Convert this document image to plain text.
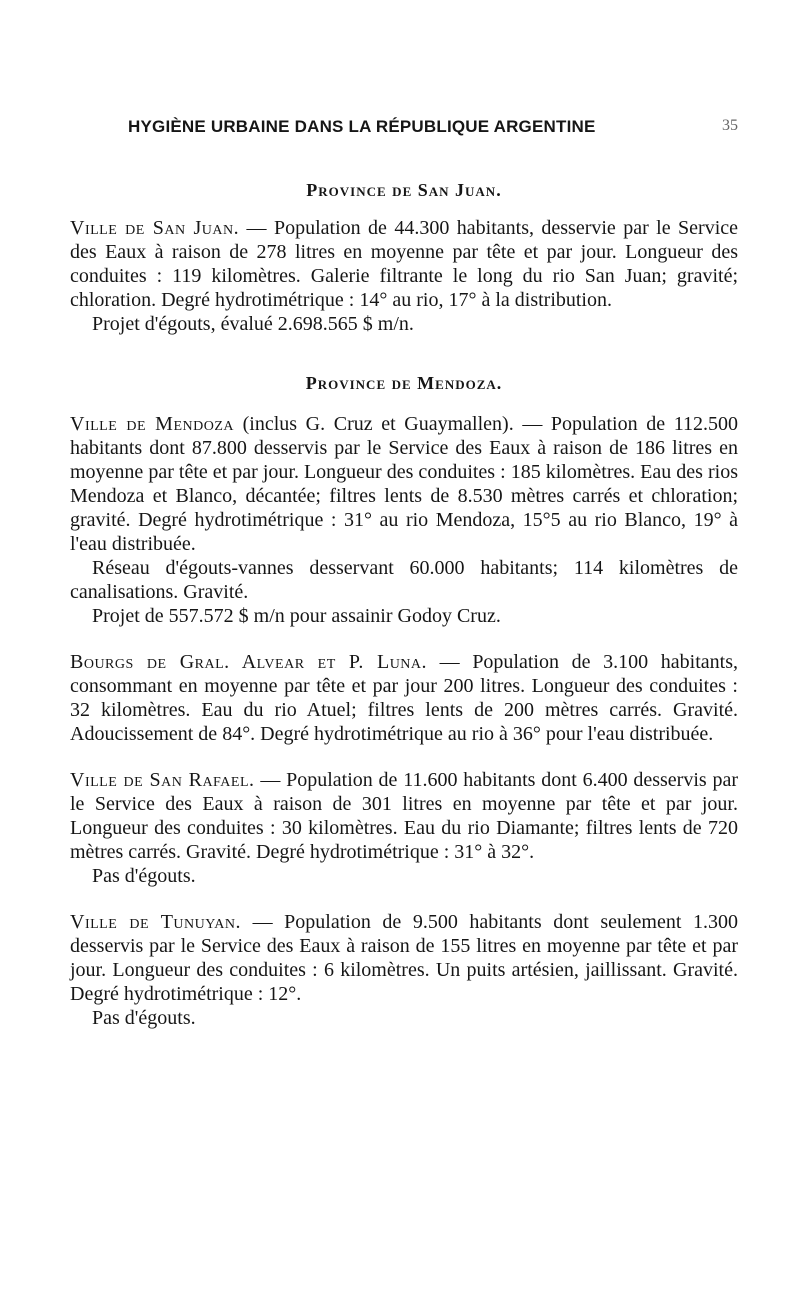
HYGIÈNE URBAINE DANS LA RÉPUBLIQUE ARGENTINE	35
Province de San Juan.

Ville de San Juan. — Population de 44.300 habitants, desservie par le Service des Eaux à raison de 278 litres en moyenne par tête et par jour. Longueur des conduites : 119 kilomètres. Galerie filtrante le long du rio San Juan; gravité; chloration. Degré hydrotimétrique : 14° au rio, 17° à la distribution.

Projet d'égouts, évalué 2.698.565 $ m/n.

Province de Mendoza.

Ville de Mendoza (inclus G. Cruz et Guaymallen). — Population de 112.500 habitants dont 87.800 desservis par le Service des Eaux à raison de 186 litres en moyenne par tête et par jour. Longueur des conduites : 185 kilomètres. Eau des rios Mendoza et Blanco, décantée; filtres lents de 8.530 mètres carrés et chloration; gravité. Degré hydrotimétrique : 31° au rio Mendoza, 15°5 au rio Blanco, 19° à l'eau distribuée.

Réseau d'égouts-vannes desservant 60.000 habitants; 114 kilomètres de canalisations. Gravité.

Projet de 557.572 $ m/n pour assainir Godoy Cruz.

Bourgs de Gral. Alvear et P. Luna. — Population de 3.100 habitants, consommant en moyenne par tête et par jour 200 litres. Longueur des conduites : 32 kilomètres. Eau du rio Atuel; filtres lents de 200 mètres carrés. Gravité. Adoucissement de 84°. Degré hydrotimétrique au rio à 36° pour l'eau distribuée.

Ville de San Rafael. — Population de 11.600 habitants dont 6.400 desservis par le Service des Eaux à raison de 301 litres en moyenne par tête et par jour. Longueur des conduites : 30 kilomètres. Eau du rio Diamante; filtres lents de 720 mètres carrés. Gravité. Degré hydrotimétrique : 31° à 32°.

Pas d'égouts.

Ville de Tunuyan. — Population de 9.500 habitants dont seulement 1.300 desservis par le Service des Eaux à raison de 155 litres en moyenne par tête et par jour. Longueur des conduites : 6 kilomètres. Un puits artésien, jaillissant. Gravité. Degré hydrotimétrique : 12°.

Pas d'égouts.
